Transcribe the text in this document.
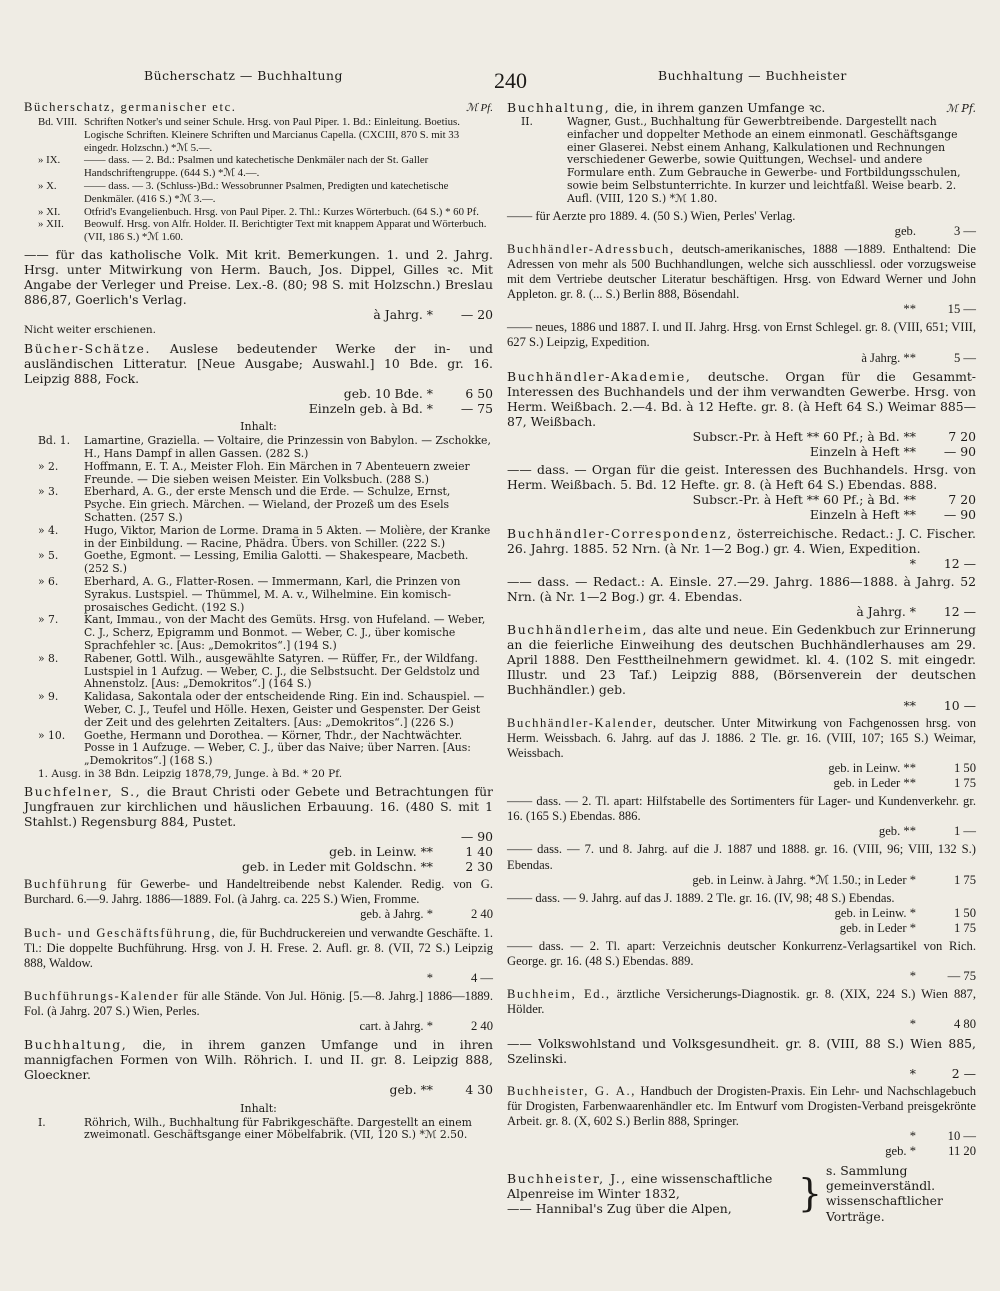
Bücherschatz — Buchhaltung	240	Buchhaltung — Buchheister
Bücherschatz, germanischer etc.	ℳ Pf.
Bd. VIII. Schriften Notker's und seiner Schule. Hrsg. von Paul Piper. 1. Bd.: Einleitung. Boetius. Logische Schriften. Kleinere Schriften und Marcianus Capella. (CXCIII, 870 S. mit 33 eingedr. Holzschn.) *ℳ 5.—.
» IX.	—— dass. — 2. Bd.: Psalmen und katechetische Denkmäler nach der St. Galler Handschriftengruppe. (644 S.) *ℳ 4.—.
» X.	—— dass. — 3. (Schluss-)Bd.: Wessobrunner Psalmen, Predigten und katechetische Denkmäler. (416 S.) *ℳ 3.—.
» XI.	Otfrid's Evangelienbuch. Hrsg. von Paul Piper. 2. Thl.: Kurzes Wörterbuch. (64 S.) * 60 Pf.
» XII.	Beowulf. Hrsg. von Alfr. Holder. II. Berichtigter Text mit knappem Apparat und Wörterbuch. (VII, 186 S.) *ℳ 1.60.
—— für das katholische Volk. Mit krit. Bemerkungen. 1. und 2. Jahrg. Hrsg. unter Mitwirkung von Herm. Bauch, Jos. Dippel, Gilles ꝛc. Mit Angabe der Verleger und Preise. Lex.-8. (80; 98 S. mit Holzschn.) Breslau 886,87, Goerlich's Verlag.
à Jahrg. *	— 20
Nicht weiter erschienen.
Bücher-Schätze. Auslese bedeutender Werke der in- und ausländischen Litteratur. [Neue Ausgabe; Auswahl.] 10 Bde. gr. 16. Leipzig 888, Fock.
geb. 10 Bde. *	6 50
Einzeln geb. à Bd. *	— 75
Inhalt:
Bd. 1.	Lamartine, Graziella. — Voltaire, die Prinzessin von Babylon. — Zschokke, H., Hans Dampf in allen Gassen. (282 S.)
» 2.	Hoffmann, E. T. A., Meister Floh. Ein Märchen in 7 Abenteuern zweier Freunde. — Die sieben weisen Meister. Ein Volksbuch. (288 S.)
» 3.	Eberhard, A. G., der erste Mensch und die Erde. — Schulze, Ernst, Psyche. Ein griech. Märchen. — Wieland, der Prozeß um des Esels Schatten. (257 S.)
» 4.	Hugo, Viktor, Marion de Lorme. Drama in 5 Akten. — Molière, der Kranke in der Einbildung. — Racine, Phädra. Übers. von Schiller. (222 S.)
» 5.	Goethe, Egmont. — Lessing, Emilia Galotti. — Shakespeare, Macbeth. (252 S.)
» 6.	Eberhard, A. G., Flatter-Rosen. — Immermann, Karl, die Prinzen von Syrakus. Lustspiel. — Thümmel, M. A. v., Wilhelmine. Ein komisch-prosaisches Gedicht. (192 S.)
» 7.	Kant, Immau., von der Macht des Gemüts. Hrsg. von Hufeland. — Weber, C. J., Scherz, Epigramm und Bonmot. — Weber, C. J., über komische Sprachfehler ꝛc. [Aus: „Demokritos“.] (194 S.)
» 8.	Rabener, Gottl. Wilh., ausgewählte Satyren. — Rüffer, Fr., der Wildfang. Lustspiel in 1 Aufzug. — Weber, C. J., die Selbstsucht. Der Geldstolz und Ahnenstolz. [Aus: „Demokritos“.] (164 S.)
» 9.	Kalidasa, Sakontala oder der entscheidende Ring. Ein ind. Schauspiel. — Weber, C. J., Teufel und Hölle. Hexen, Geister und Gespenster. Der Geist der Zeit und des gelehrten Zeitalters. [Aus: „Demokritos“.] (226 S.)
» 10.	Goethe, Hermann und Dorothea. — Körner, Thdr., der Nachtwächter. Posse in 1 Aufzuge. — Weber, C. J., über das Naive; über Narren. [Aus: „Demokritos“.] (168 S.)
1. Ausg. in 38 Bdn. Leipzig 1878,79, Junge. à Bd. * 20 Pf.
Buchfelner, S., die Braut Christi oder Gebete und Betrachtungen für Jungfrauen zur kirchlichen und häuslichen Erbauung. 16. (480 S. mit 1 Stahlst.) Regensburg 884, Pustet.
— 90
geb. in Leinw. **	1 40
geb. in Leder mit Goldschn. **	2 30
Buchführung für Gewerbe- und Handeltreibende nebst Kalender. Redig. von G. Burchard. 6.—9. Jahrg. 1886—1889. Fol. (à Jahrg. ca. 225 S.) Wien, Fromme.
geb. à Jahrg. *	2 40
Buch- und Geschäftsführung, die, für Buchdruckereien und verwandte Geschäfte. 1. Tl.: Die doppelte Buchführung. Hrsg. von J. H. Frese. 2. Aufl. gr. 8. (VII, 72 S.) Leipzig 888, Waldow.
*	4 —
Buchführungs-Kalender für alle Stände. Von Jul. Hönig. [5.—8. Jahrg.] 1886—1889. Fol. (à Jahrg. 207 S.) Wien, Perles.
cart. à Jahrg. *	2 40
Buchhaltung, die, in ihrem ganzen Umfange und in ihren mannigfachen Formen von Wilh. Röhrich. I. und II. gr. 8. Leipzig 888, Gloeckner.
geb. **	4 30
Inhalt:
I.	Röhrich, Wilh., Buchhaltung für Fabrikgeschäfte. Dargestellt an einem zweimonatl. Geschäftsgange einer Möbelfabrik. (VII, 120 S.) *ℳ 2.50.
Buchhaltung, die, in ihrem ganzen Umfange ꝛc.	ℳ Pf.
II.	Wagner, Gust., Buchhaltung für Gewerbtreibende. Dargestellt nach einfacher und doppelter Methode an einem einmonatl. Geschäftsgange einer Glaserei. Nebst einem Anhang, Kalkulationen und Rechnungen verschiedener Gewerbe, sowie Quittungen, Wechsel- und andere Formulare enth. Zum Gebrauche in Gewerbe- und Fortbildungsschulen, sowie beim Selbstunterrichte. In kurzer und leichtfaßl. Weise bearb. 2. Aufl. (VIII, 120 S.) *ℳ 1.80.
—— für Aerzte pro 1889. 4. (50 S.) Wien, Perles' Verlag.
geb.	3 —
Buchhändler-Adressbuch, deutsch-amerikanisches, 1888 —1889. Enthaltend: Die Adressen von mehr als 500 Buchhandlungen, welche sich ausschliessl. oder vorzugsweise mit dem Vertriebe deutscher Literatur beschäftigen. Hrsg. von Edward Werner und John Appleton. gr. 8. (... S.) Berlin 888, Bösendahl.
**	15 —
—— neues, 1886 und 1887. I. und II. Jahrg. Hrsg. von Ernst Schlegel. gr. 8. (VIII, 651; VIII, 627 S.) Leipzig, Expedition.
à Jahrg. **	5 —
Buchhändler-Akademie, deutsche. Organ für die Gesammt-Interessen des Buchhandels und der ihm verwandten Gewerbe. Hrsg. von Herm. Weißbach. 2.—4. Bd. à 12 Hefte. gr. 8. (à Heft 64 S.) Weimar 885—87, Weißbach.
Subscr.-Pr. à Heft ** 60 Pf.; à Bd. **	7 20
Einzeln à Heft **	— 90
—— dass. — Organ für die geist. Interessen des Buchhandels. Hrsg. von Herm. Weißbach. 5. Bd. 12 Hefte. gr. 8. (à Heft 64 S.) Ebendas. 888.
Subscr.-Pr. à Heft ** 60 Pf.; à Bd. **	7 20
Einzeln à Heft **	— 90
Buchhändler-Correspondenz, österreichische. Redact.: J. C. Fischer. 26. Jahrg. 1885. 52 Nrn. (à Nr. 1—2 Bog.) gr. 4. Wien, Expedition.
*	12 —
—— dass. — Redact.: A. Einsle. 27.—29. Jahrg. 1886—1888. à Jahrg. 52 Nrn. (à Nr. 1—2 Bog.) gr. 4. Ebendas.
à Jahrg. *	12 —
Buchhändlerheim, das alte und neue. Ein Gedenkbuch zur Erinnerung an die feierliche Einweihung des deutschen Buchhändlerhauses am 29. April 1888. Den Festtheilnehmern gewidmet. kl. 4. (102 S. mit eingedr. Illustr. und 23 Taf.) Leipzig 888, (Börsenverein der deutschen Buchhändler.) geb.
**	10 —
Buchhändler-Kalender, deutscher. Unter Mitwirkung von Fachgenossen hrsg. von Herm. Weissbach. 6. Jahrg. auf das J. 1886. 2 Tle. gr. 16. (VIII, 107; 165 S.) Weimar, Weissbach.
geb. in Leinw. **	1 50
geb. in Leder **	1 75
—— dass. — 2. Tl. apart: Hilfstabelle des Sortimenters für Lager- und Kundenverkehr. gr. 16. (165 S.) Ebendas. 886.
geb. **	1 —
—— dass. — 7. und 8. Jahrg. auf die J. 1887 und 1888. gr. 16. (VIII, 96; VIII, 132 S.) Ebendas.
geb. in Leinw. à Jahrg. *ℳ 1.50.; in Leder *	1 75
—— dass. — 9. Jahrg. auf das J. 1889. 2 Tle. gr. 16. (IV, 98; 48 S.) Ebendas.
geb. in Leinw. *	1 50
geb. in Leder *	1 75
—— dass. — 2. Tl. apart: Verzeichnis deutscher Konkurrenz-Verlagsartikel von Rich. George. gr. 16. (48 S.) Ebendas. 889.
*	— 75
Buchheim, Ed., ärztliche Versicherungs-Diagnostik. gr. 8. (XIX, 224 S.) Wien 887, Hölder.
*	4 80
—— Volkswohlstand und Volksgesundheit. gr. 8. (VIII, 88 S.) Wien 885, Szelinski.
*	2 —
Buchheister, G. A., Handbuch der Drogisten-Praxis. Ein Lehr- und Nachschlagebuch für Drogisten, Farbenwaarenhändler etc. Im Entwurf vom Drogisten-Verband preisgekrönte Arbeit. gr. 8. (X, 602 S.) Berlin 888, Springer.
*	10 —
geb. *	11 20
Buchheister, J., eine wissenschaftliche Alpenreise im Winter 1832,
—— Hannibal's Zug über die Alpen,	}
s. Sammlung gemeinverständl. wissenschaftlicher Vorträge.
